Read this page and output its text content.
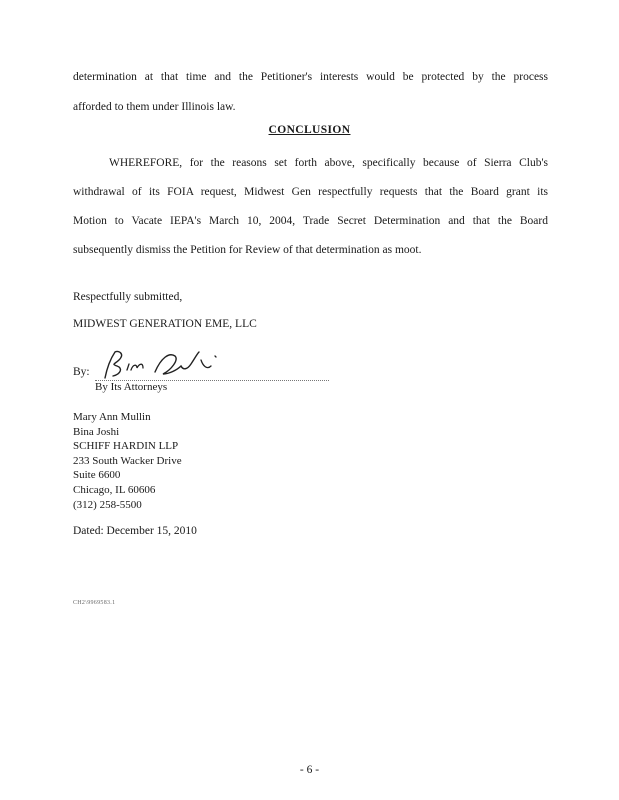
determination at that time and the Petitioner's interests would be protected by the process
afforded to them under Illinois law.
CONCLUSION
WHEREFORE, for the reasons set forth above, specifically because of Sierra Club's
withdrawal of its FOIA request, Midwest Gen respectfully requests that the Board grant its
Motion to Vacate IEPA's March 10, 2004, Trade Secret Determination and that the Board
subsequently dismiss the Petition for Review of that determination as moot.
Respectfully submitted,
MIDWEST GENERATION EME, LLC
By:
By Its Attorneys
Mary Ann Mullin
Bina Joshi
SCHIFF HARDIN LLP
233 South Wacker Drive
Suite 6600
Chicago, IL 60606
(312) 258-5500
Dated: December 15, 2010
CH2\9969583.1
- 6 -
